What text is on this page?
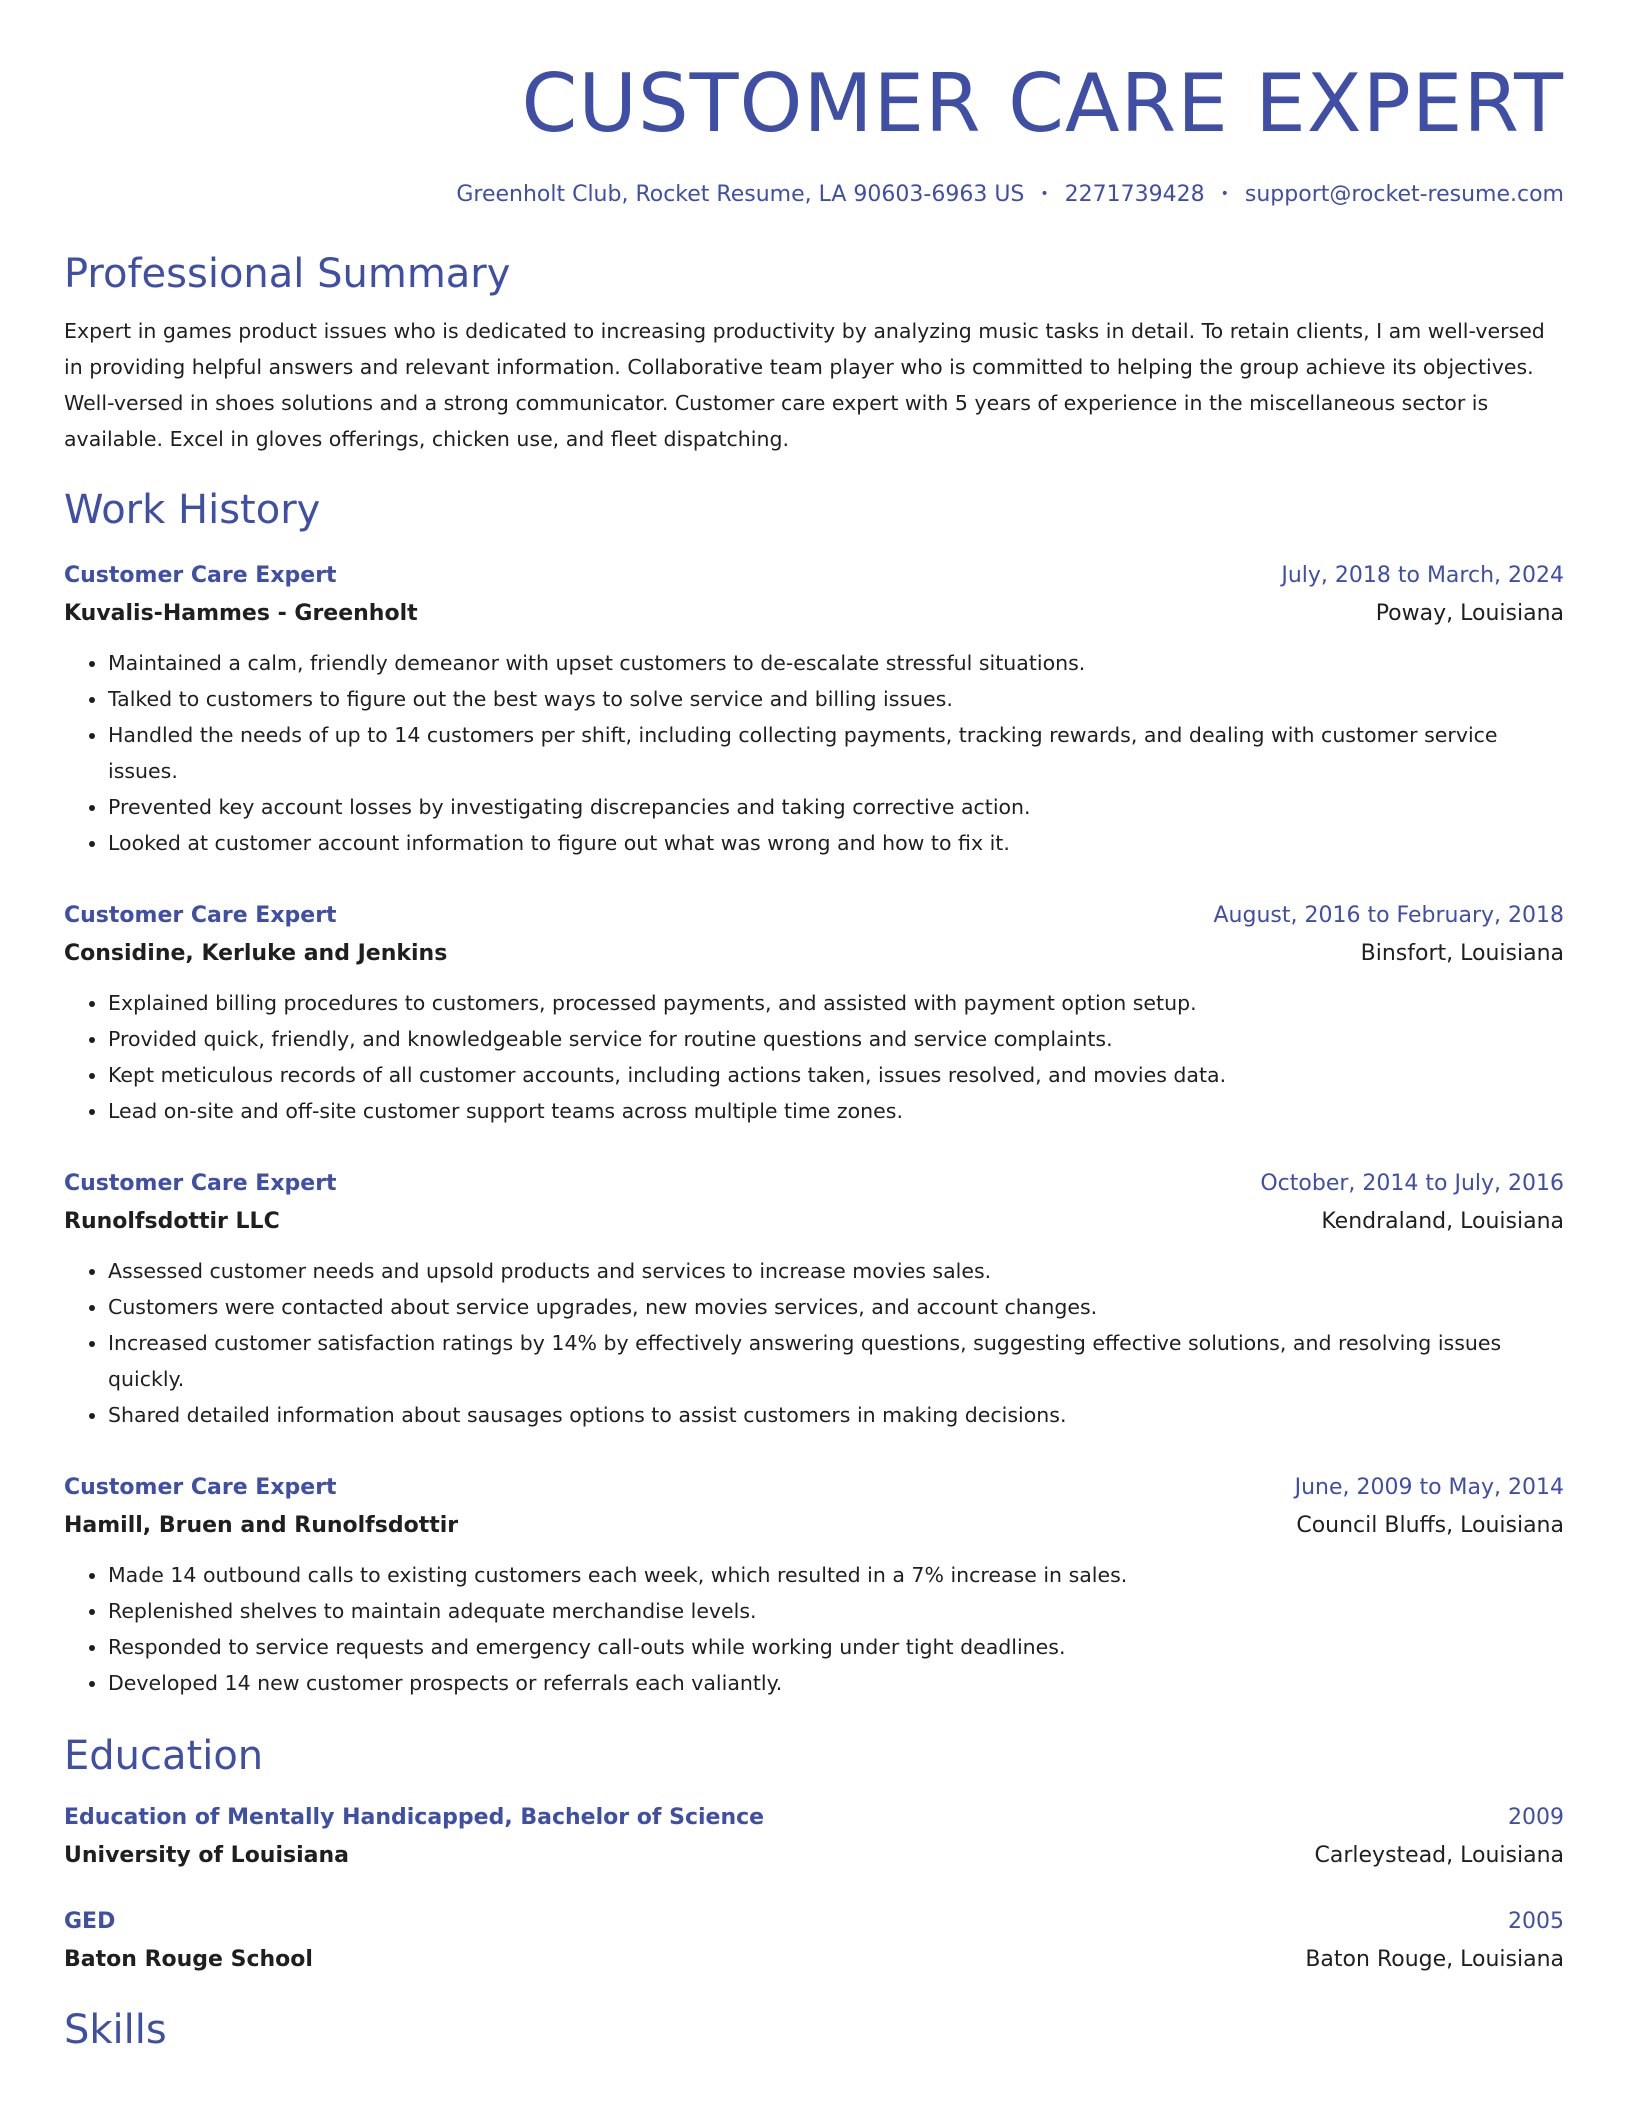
CUSTOMER CARE EXPERT
Greenholt Club, Rocket Resume, LA 90603-6963 US • 2271739428 • support@rocket-resume.com
Professional Summary
Expert in games product issues who is dedicated to increasing productivity by analyzing music tasks in detail. To retain clients, I am well-versed in providing helpful answers and relevant information. Collaborative team player who is committed to helping the group achieve its objectives. Well-versed in shoes solutions and a strong communicator. Customer care expert with 5 years of experience in the miscellaneous sector is available. Excel in gloves offerings, chicken use, and fleet dispatching.
Work History
Customer Care Expert	July, 2018 to March, 2024
Kuvalis-Hammes - Greenholt	Poway, Louisiana
• Maintained a calm, friendly demeanor with upset customers to de-escalate stressful situations.
• Talked to customers to figure out the best ways to solve service and billing issues.
• Handled the needs of up to 14 customers per shift, including collecting payments, tracking rewards, and dealing with customer service issues.
• Prevented key account losses by investigating discrepancies and taking corrective action.
• Looked at customer account information to figure out what was wrong and how to fix it.
Customer Care Expert	August, 2016 to February, 2018
Considine, Kerluke and Jenkins	Binsfort, Louisiana
• Explained billing procedures to customers, processed payments, and assisted with payment option setup.
• Provided quick, friendly, and knowledgeable service for routine questions and service complaints.
• Kept meticulous records of all customer accounts, including actions taken, issues resolved, and movies data.
• Lead on-site and off-site customer support teams across multiple time zones.
Customer Care Expert	October, 2014 to July, 2016
Runolfsdottir LLC	Kendraland, Louisiana
• Assessed customer needs and upsold products and services to increase movies sales.
• Customers were contacted about service upgrades, new movies services, and account changes.
• Increased customer satisfaction ratings by 14% by effectively answering questions, suggesting effective solutions, and resolving issues quickly.
• Shared detailed information about sausages options to assist customers in making decisions.
Customer Care Expert	June, 2009 to May, 2014
Hamill, Bruen and Runolfsdottir	Council Bluffs, Louisiana
• Made 14 outbound calls to existing customers each week, which resulted in a 7% increase in sales.
• Replenished shelves to maintain adequate merchandise levels.
• Responded to service requests and emergency call-outs while working under tight deadlines.
• Developed 14 new customer prospects or referrals each valiantly.
Education
Education of Mentally Handicapped, Bachelor of Science	2009
University of Louisiana	Carleystead, Louisiana
GED	2005
Baton Rouge School	Baton Rouge, Louisiana
Skills
